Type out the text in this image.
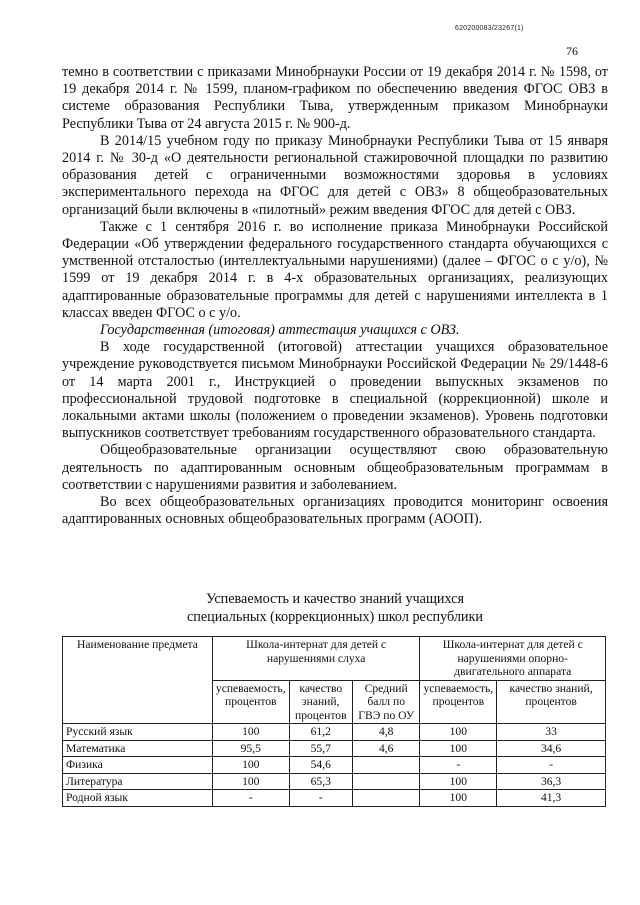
620200083/23267(1)
76

темно в соответствии с приказами Минобрнауки России от 19 декабря 2014 г. № 1598, от 19 декабря 2014 г. № 1599, планом-графиком по обеспечению введения ФГОС ОВЗ в системе образования Республики Тыва, утвержденным приказом Минобрнауки Республики Тыва от 24 августа 2015 г. № 900-д.

В 2014/15 учебном году по приказу Минобрнауки Республики Тыва от 15 января 2014 г. № 30-д «О деятельности региональной стажировочной площадки по развитию образования детей с ограниченными возможностями здоровья в условиях экспериментального перехода на ФГОС для детей с ОВЗ» 8 общеобразовательных организаций были включены в «пилотный» режим введения ФГОС для детей с ОВЗ.

Также с 1 сентября 2016 г. во исполнение приказа Минобрнауки Российской Федерации «Об утверждении федерального государственного стандарта обучающихся с умственной отсталостью (интеллектуальными нарушениями) (далее – ФГОС о с у/о), № 1599 от 19 декабря 2014 г. в 4-х образовательных организациях, реализующих адаптированные образовательные программы для детей с нарушениями интеллекта в 1 классах введен ФГОС о с у/о.

Государственная (итоговая) аттестация учащихся с ОВЗ.

В ходе государственной (итоговой) аттестации учащихся образовательное учреждение руководствуется письмом Минобрнауки Российской Федерации № 29/1448-6 от 14 марта 2001 г., Инструкцией о проведении выпускных экзаменов по профессиональной трудовой подготовке в специальной (коррекционной) школе и локальными актами школы (положением о проведении экзаменов). Уровень подготовки выпускников соответствует требованиям государственного образовательного стандарта.

Общеобразовательные организации осуществляют свою образовательную деятельность по адаптированным основным общеобразовательным программам в соответствии с нарушениями развития и заболеванием.

Во всех общеобразовательных организациях проводится мониторинг освоения адаптированных основных общеобразовательных программ (АООП).

Успеваемость и качество знаний учащихся
специальных (коррекционных) школ республики
Наименование предмета	Школа-интернат для детей с нарушениями слуха			Школа-интернат для детей с нарушениями опорно-двигательного аппарата	
	успеваемость, процентов	качество знаний, процентов	Средний балл по ГВЭ по ОУ	успеваемость, процентов	качество знаний, процентов
Русский язык	100	61,2	4,8	100	33
Математика	95,5	55,7	4,6	100	34,6
Физика	100	54,6		-	-
Литература	100	65,3		100	36,3
Родной язык	-	-		100	41,3
